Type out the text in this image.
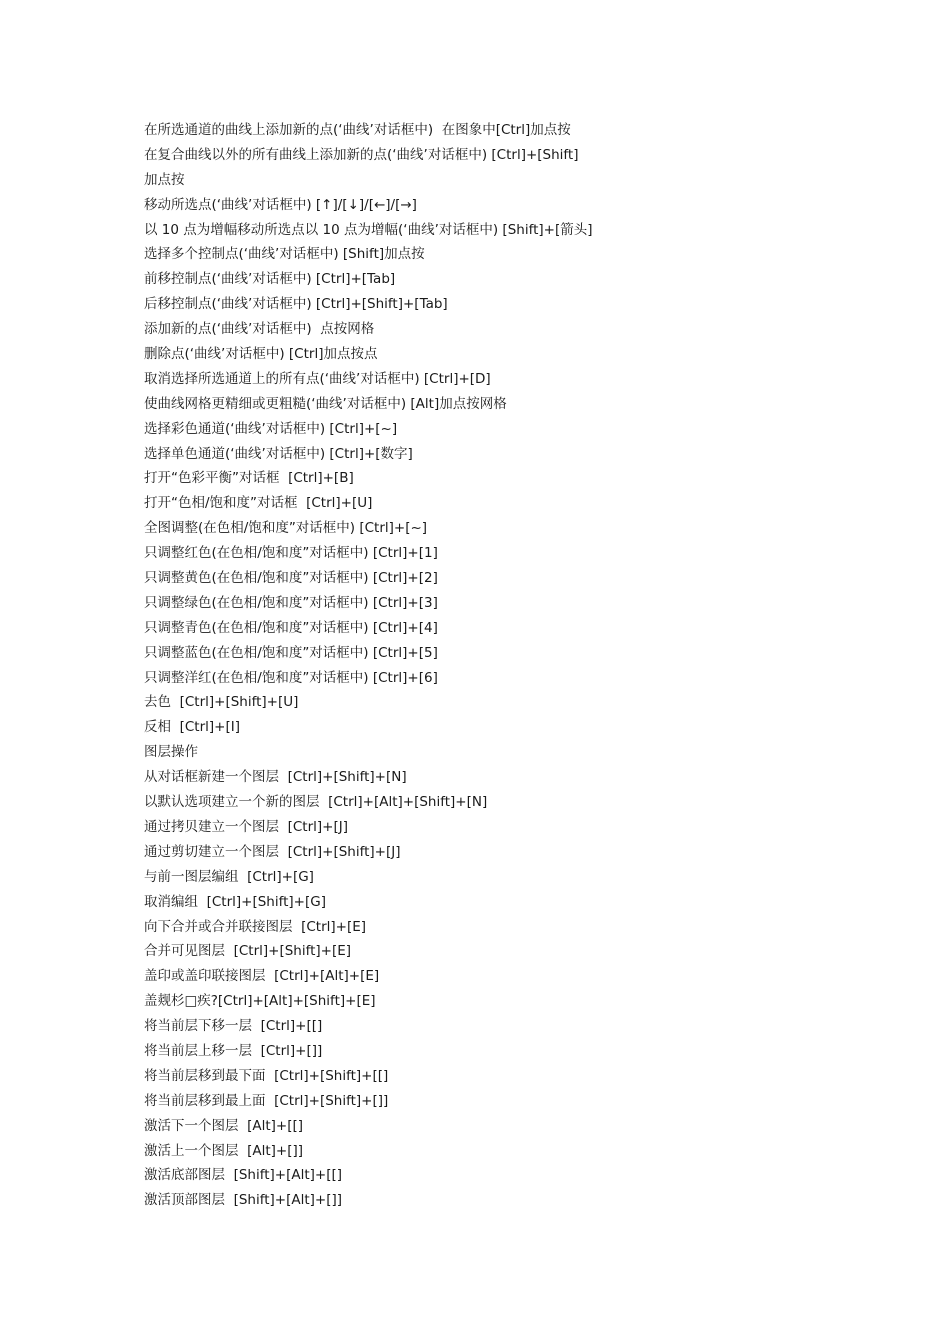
在所选通道的曲线上添加新的点(‘曲线’对话框中)  在图象中[Ctrl]加点按
在复合曲线以外的所有曲线上添加新的点(‘曲线’对话框中) [Ctrl]+[Shift]
加点按
移动所选点(‘曲线’对话框中) [↑]/[↓]/[←]/[→]
以 10 点为增幅移动所选点以 10 点为增幅(‘曲线’对话框中) [Shift]+[箭头]
选择多个控制点(‘曲线’对话框中) [Shift]加点按
前移控制点(‘曲线’对话框中) [Ctrl]+[Tab]
后移控制点(‘曲线’对话框中) [Ctrl]+[Shift]+[Tab]
添加新的点(‘曲线’对话框中)  点按网格
删除点(‘曲线’对话框中) [Ctrl]加点按点
取消选择所选通道上的所有点(‘曲线’对话框中) [Ctrl]+[D]
使曲线网格更精细或更粗糙(‘曲线’对话框中) [Alt]加点按网格
选择彩色通道(‘曲线’对话框中) [Ctrl]+[~]
选择单色通道(‘曲线’对话框中) [Ctrl]+[数字]
打开“色彩平衡”对话框  [Ctrl]+[B]
打开“色相/饱和度”对话框  [Ctrl]+[U]
全图调整(在色相/饱和度”对话框中) [Ctrl]+[~]
只调整红色(在色相/饱和度”对话框中) [Ctrl]+[1]
只调整黄色(在色相/饱和度”对话框中) [Ctrl]+[2]
只调整绿色(在色相/饱和度”对话框中) [Ctrl]+[3]
只调整青色(在色相/饱和度”对话框中) [Ctrl]+[4]
只调整蓝色(在色相/饱和度”对话框中) [Ctrl]+[5]
只调整洋红(在色相/饱和度”对话框中) [Ctrl]+[6]
去色  [Ctrl]+[Shift]+[U]
反相  [Ctrl]+[I]
图层操作
从对话框新建一个图层  [Ctrl]+[Shift]+[N]
以默认选项建立一个新的图层  [Ctrl]+[Alt]+[Shift]+[N]
通过拷贝建立一个图层  [Ctrl]+[J]
通过剪切建立一个图层  [Ctrl]+[Shift]+[J]
与前一图层编组  [Ctrl]+[G]
取消编组  [Ctrl]+[Shift]+[G]
向下合并或合并联接图层  [Ctrl]+[E]
合并可见图层  [Ctrl]+[Shift]+[E]
盖印或盖印联接图层  [Ctrl]+[Alt]+[E]
盖觌杉□疾?[Ctrl]+[Alt]+[Shift]+[E]
将当前层下移一层  [Ctrl]+[[]
将当前层上移一层  [Ctrl]+[]]
将当前层移到最下面  [Ctrl]+[Shift]+[[]
将当前层移到最上面  [Ctrl]+[Shift]+[]]
激活下一个图层  [Alt]+[[]
激活上一个图层  [Alt]+[]]
激活底部图层  [Shift]+[Alt]+[[]
激活顶部图层  [Shift]+[Alt]+[]]
